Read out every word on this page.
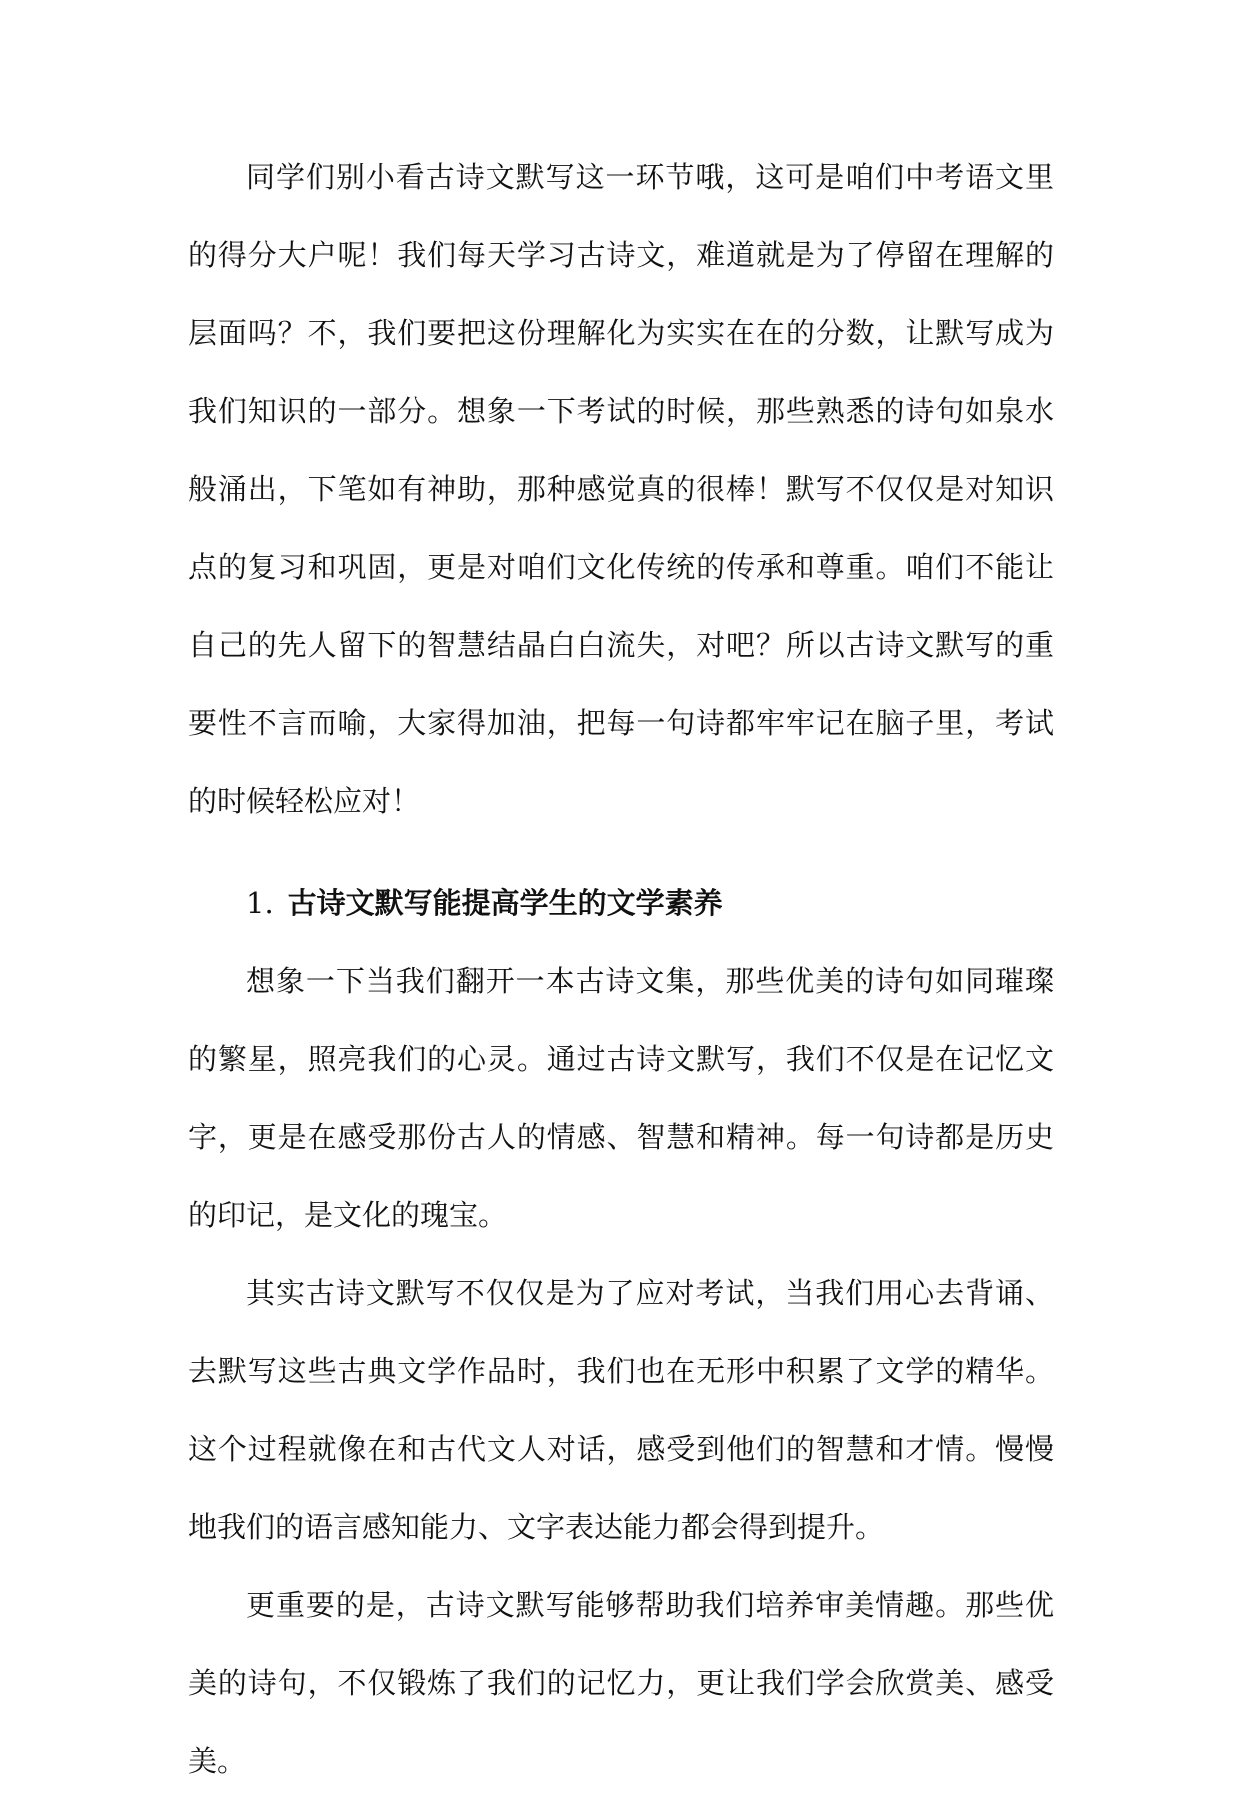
同学们别小看古诗文默写这一环节哦，这可是咱们中考语文里的得分大户呢！我们每天学习古诗文，难道就是为了停留在理解的层面吗？不，我们要把这份理解化为实实在在的分数，让默写成为我们知识的一部分。想象一下考试的时候，那些熟悉的诗句如泉水般涌出，下笔如有神助，那种感觉真的很棒！默写不仅仅是对知识点的复习和巩固，更是对咱们文化传统的传承和尊重。咱们不能让自己的先人留下的智慧结晶白白流失，对吧？所以古诗文默写的重要性不言而喻，大家得加油，把每一句诗都牢牢记在脑子里，考试的时候轻松应对！

1. 古诗文默写能提高学生的文学素养

想象一下当我们翻开一本古诗文集，那些优美的诗句如同璀璨的繁星，照亮我们的心灵。通过古诗文默写，我们不仅是在记忆文字，更是在感受那份古人的情感、智慧和精神。每一句诗都是历史的印记，是文化的瑰宝。

其实古诗文默写不仅仅是为了应对考试，当我们用心去背诵、去默写这些古典文学作品时，我们也在无形中积累了文学的精华。这个过程就像在和古代文人对话，感受到他们的智慧和才情。慢慢地我们的语言感知能力、文字表达能力都会得到提升。

更重要的是，古诗文默写能够帮助我们培养审美情趣。那些优美的诗句，不仅锻炼了我们的记忆力，更让我们学会欣赏美、感受美。
